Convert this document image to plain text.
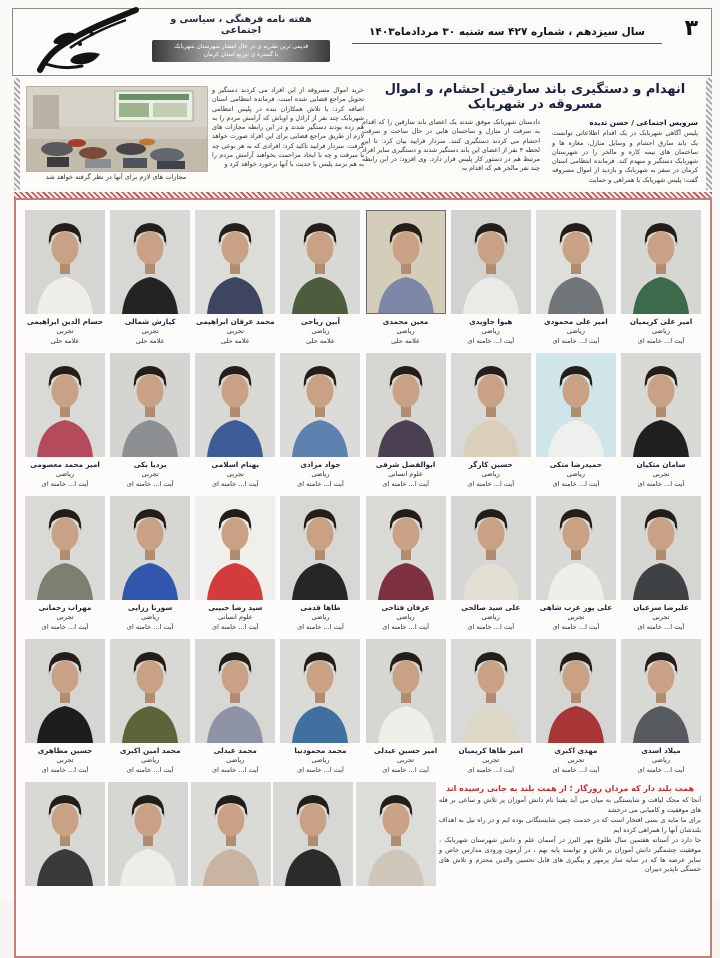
۳
سال سیزدهم ، شماره ۴۲۷ سه شنبه ۳۰ مردادماه۱۴۰۳
هفته نامه فرهنگی ، سیاسی و اجتماعی
قدیمی ترین نشریه ی در حال انتشار شهرستان شهربابک
با گستره ی توزیع استان کرمان
انهدام و دستگیری باند سارقین احشام، و اموال مسروقه در شهربابک
سرویس اجتماعی / حسن تدیده
پلیس آگاهی شهربابک در یک اقدام اطلاعاتی توانست یک باند سارق احشام و وسایل منازل، مغازه ها و ساختمان های نیمه کاره و مالخر را در شهرستان شهربابک دستگیر و منهدم کند. فرمانده انتظامی استان کرمان در سفر به شهربابک و بازدید از اموال مسروقه گفت: پلیس شهربابک با همراهی و حمایت
دادستان شهربابک موفق شدند یک اعضای باند سارقین را که اقدام به سرقت از منازل و ساختمان هایی در حال ساخت و سرقت احشام می کردند دستگیری کنند. سردار فرایید بیان کرد: تا این لحظه ۴ نفر از اعضای این باند دستگیر شدند و دستگیری سایر افراد مرتبط هم در دستور کار پلیس قرار دارد. وی افزود: در این رابطه چند نفر مالخر هم که اقدام به
خرید اموال مسروقه از این افراد می کردند دستگیر و تحویل مراجع قضایی شده است. فرمانده انتظامی استان اضافه کرد: با تلاش همکاران بنده در پلیس انتظامی شهربابک چند نفر از اراذل و اوباش که آرامش مردم را به هم زده بودند دستگیر شدند و در این رابطه مجازات های لازم از طریق مراجع قضایی برای این افراد صورت خواهد گرفت. سردار فرایید تاکید کرد: افرادی که به هر نوعی چه با سرقت و چه با ایجاد مزاحمت بخواهند آرامش مردم را به هم بزنند پلیس با جدیت با آنها برخورد خواهد کرد و
مجازات های لازم برای آنها در نظر گرفته خواهد شد
امیر علی کریمیان
ریاضی
آیت ا... خامنه ای
امیر علی محمودی
ریاضی
آیت ا... خامنه ای
هیوا جاویدی
ریاضی
آیت ا... خامنه ای
معین محمدی
ریاضی
علامه حلی
آبین ریاحی
ریاضی
علامه حلی
محمد عرفان ابراهیمی
تجربی
علامه حلی
کیارش شمالی
تجربی
علامه حلی
حسام الدین ابراهیمی
تجربی
علامه حلی
سامان متکیان
تجربی
آیت ا... خامنه ای
حمیدرضا متکی
ریاضی
آیت ا... خامنه ای
حسین کارگر
ریاضی
آیت ا... خامنه ای
ابوالفضل شرفی
علوم انسانی
آیت ا... خامنه ای
جواد مرادی
ریاضی
آیت ا... خامنه ای
بهنام اسلامی
تجربی
آیت ا... خامنه ای
بردیا یکی
تجربی
آیت ا... خامنه ای
امیر محمد معصومی
ریاضی
آیت ا... خامنه ای
علیرضا سزعیان
تجربی
آیت ا... خامنه ای
علی پور عرب شاهی
تجربی
آیت ا... خامنه ای
علی سید صالحی
ریاضی
آیت ا... خامنه ای
عرفان فتاحی
ریاضی
آیت ا... خامنه ای
طاها قدمی
ریاضی
آیت ا... خامنه ای
سید رضا حبیبی
علوم انسانی
آیت ا... خامنه ای
سورنا رزایی
ریاضی
آیت ا... خامنه ای
مهراب رحمانی
تجربی
آیت ا... خامنه ای
میلاد اسدی
ریاضی
آیت ا... خامنه ای
مهدی اکبری
تجربی
آیت ا... خامنه ای
امیر طاها کریمیان
تجربی
آیت ا... خامنه ای
امیر حسین عبدلی
تجربی
آیت ا... خامنه ای
محمد محمودنیا
ریاضی
آیت ا... خامنه ای
محمد عبدلی
ریاضی
آیت ا... خامنه ای
محمد امین اکبری
ریاضی
آیت ا... خامنه ای
حسین مظاهری
تجربی
آیت ا... خامنه ای
همت بلند دار که مردان روزگار ؛ از همت بلند به جایی رسیده اند
آنجا که محک لیاقت و شایستگی به میان می آید یقینا نام دانش آموزان پر تلاش و ساعی بر قله های موفقیت و کامیابی می درخشد
برای ما مایه ی بسی افتخار است که در خدمت چنین شایستگانی بوده ایم و در راه نیل به اهداف بلندشان آنها را همراهی کرده ایم
جا دارد در آستانه هفتمین سال طلوع مهر البرز در آسمان علم و دانش شهرستان شهربابک ، موفقیت چشمگیر دانش آموزان پر تلاش و توانمند پایه نهم ، در آزمون ورودی مدارس خاص و سایر عرصه ها که در سایه سار پرمهر و پیگیری های قابل تحسین والدین محترم و تلاش های خستگی ناپذیر دبیران
